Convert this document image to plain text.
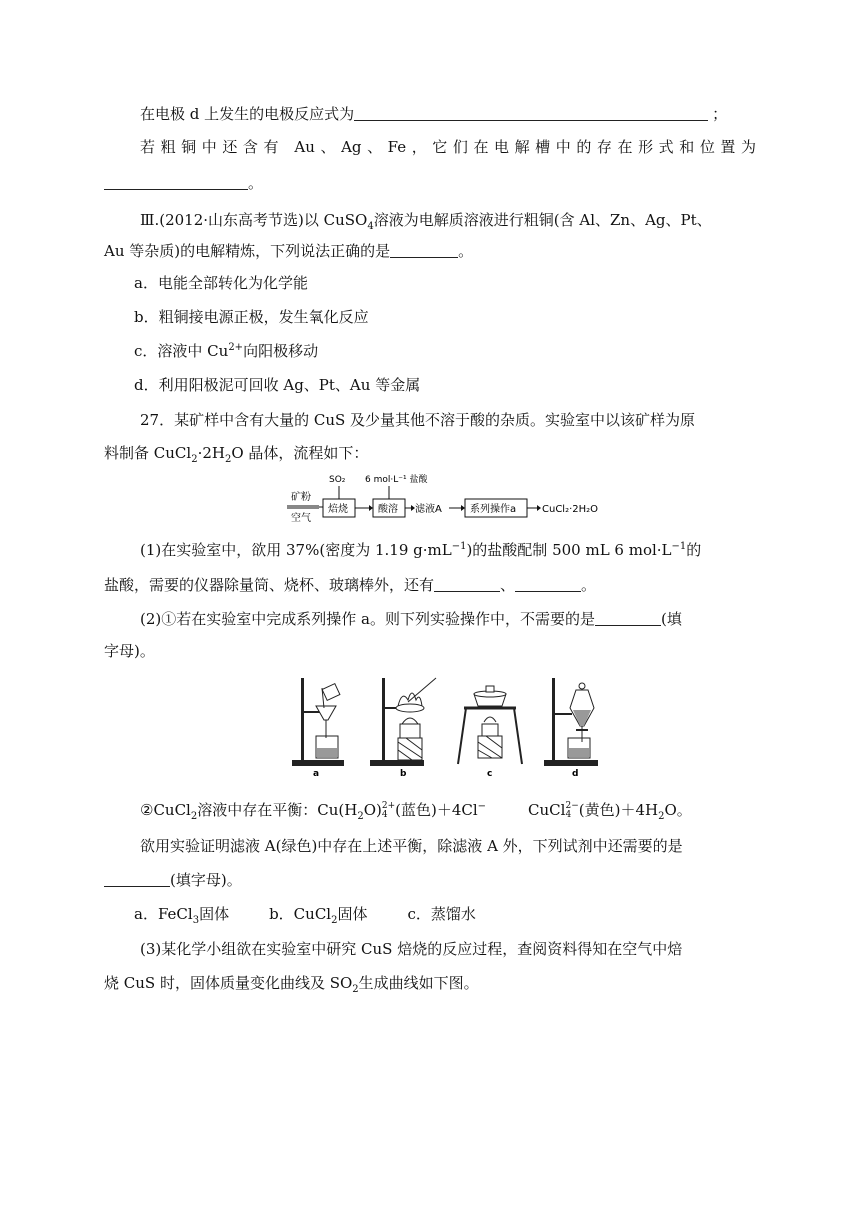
在电极 d 上发生的电极反应式为	；
若粗铜中还含有 Au、Ag、Fe，它们在电解槽中的存在形式和位置为
。
Ⅲ.(2012·山东高考节选)以 CuSO$_4$溶液为电解质溶液进行粗铜(含 Al、Zn、Ag、Pt、
Au 等杂质)的电解精炼，下列说法正确的是	。
a．电能全部转化为化学能
b．粗铜接电源正极，发生氧化反应
c．溶液中 $Cu^{2+}$向阳极移动
d．利用阳极泥可回收 Ag、Pt、Au 等金属
27．某矿样中含有大量的 CuS 及少量其他不溶于酸的杂质。实验室中以该矿样为原
料制备 $CuCl_2\cdot 2H_2O$ 晶体，流程如下：
矿粉
空气
焙烧
SO₂
酸溶
6 mol·L⁻¹ 盐酸
滤液A	系列操作a	CuCl₂·2H₂O
(1)在实验室中，欲用 37%(密度为 1.19 $g\cdot mL^{-1}$)的盐酸配制 500 mL 6 $mol\cdot L^{-1}$的
盐酸，需要的仪器除量筒、烧杯、玻璃棒外，还有	、	。
(2)①若在实验室中完成系列操作 a。则下列实验操作中，不需要的是	(填
字母)。
a	b	c	d
②CuCl$_2$溶液中存在平衡：$Cu(H_2O)$ 2+
4 (蓝色)＋4Cl−	CuCl 2−
4 (黄色)$+4H_2O$。
欲用实验证明滤液 A(绿色)中存在上述平衡，除滤液 A 外，下列试剂中还需要的是
(填字母)。
a．FeCl$_3$固体	b．CuCl$_2$固体	c．蒸馏水
(3)某化学小组欲在实验室中研究 CuS 焙烧的反应过程，查阅资料得知在空气中焙
烧 CuS 时，固体质量变化曲线及 $SO_2$生成曲线如下图。
